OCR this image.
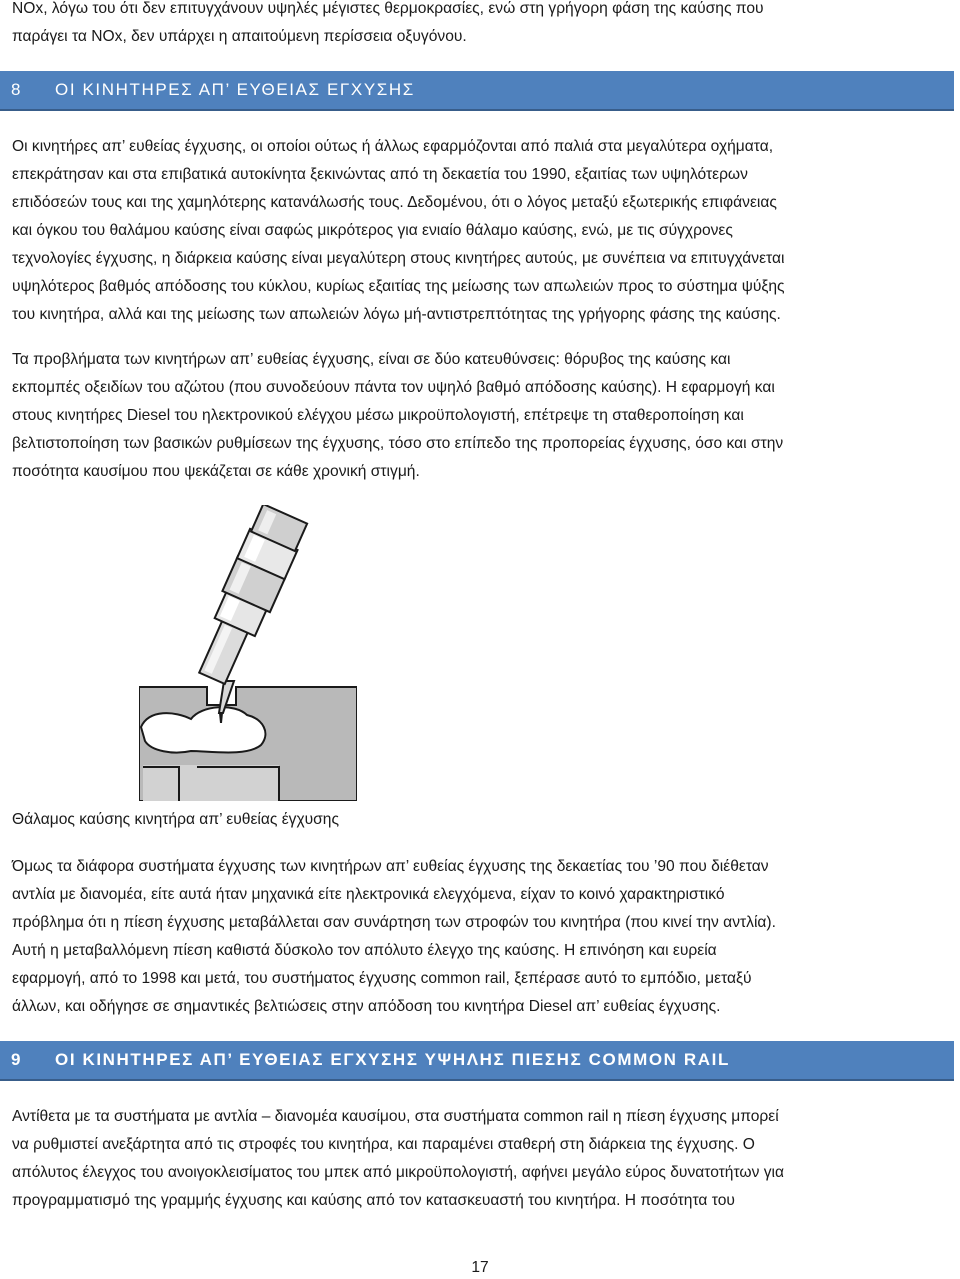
NOx, λόγω του ότι δεν επιτυγχάνουν υψηλές μέγιστες θερμοκρασίες, ενώ στη γρήγορη φάση της καύσης που
παράγει τα NOx, δεν υπάρχει η απαιτούμενη περίσσεια οξυγόνου.
8	ΟΙ ΚΙΝΗΤΗΡΕΣ ΑΠ’ ΕΥΘΕΙΑΣ ΕΓΧΥΣΗΣ
Οι κινητήρες απ’ ευθείας έγχυσης, οι οποίοι ούτως ή άλλως εφαρμόζονται από παλιά στα μεγαλύτερα οχήματα,
επεκράτησαν και στα επιβατικά αυτοκίνητα ξεκινώντας από τη δεκαετία του 1990, εξαιτίας των υψηλότερων
επιδόσεών τους και της χαμηλότερης κατανάλωσής τους. Δεδομένου, ότι ο λόγος μεταξύ εξωτερικής επιφάνειας
και όγκου του θαλάμου καύσης είναι σαφώς μικρότερος για ενιαίο θάλαμο καύσης, ενώ, με τις σύγχρονες
τεχνολογίες έγχυσης, η διάρκεια καύσης είναι μεγαλύτερη στους κινητήρες αυτούς, με συνέπεια να επιτυγχάνεται
υψηλότερος βαθμός απόδοσης του κύκλου, κυρίως εξαιτίας της μείωσης των απωλειών προς το σύστημα ψύξης
του κινητήρα, αλλά και της μείωσης των απωλειών λόγω μή-αντιστρεπτότητας της γρήγορης φάσης της καύσης.
Τα προβλήματα των κινητήρων απ’ ευθείας έγχυσης, είναι σε δύο κατευθύνσεις: θόρυβος της καύσης και
εκπομπές οξειδίων του αζώτου (που συνοδεύουν πάντα τον υψηλό βαθμό απόδοσης καύσης). Η εφαρμογή και
στους κινητήρες Diesel του ηλεκτρονικού ελέγχου μέσω μικροϋπολογιστή, επέτρεψε τη σταθεροποίηση και
βελτιστοποίηση των βασικών ρυθμίσεων της έγχυσης, τόσο στο επίπεδο της προπορείας έγχυσης, όσο και στην
ποσότητα καυσίμου που ψεκάζεται σε κάθε χρονική στιγμή.

Θάλαμος καύσης κινητήρα απ’ ευθείας έγχυσης

Όμως τα διάφορα συστήματα έγχυσης των κινητήρων απ’ ευθείας έγχυσης της δεκαετίας του ’90 που διέθεταν
αντλία με διανομέα, είτε αυτά ήταν μηχανικά είτε ηλεκτρονικά ελεγχόμενα, είχαν το κοινό χαρακτηριστικό
πρόβλημα ότι η πίεση έγχυσης μεταβάλλεται σαν συνάρτηση των στροφών του κινητήρα (που κινεί την αντλία).
Αυτή η μεταβαλλόμενη πίεση καθιστά δύσκολο τον απόλυτο έλεγχο της καύσης. Η επινόηση και ευρεία
εφαρμογή, από το 1998 και μετά, του συστήματος έγχυσης common rail, ξεπέρασε αυτό το εμπόδιο, μεταξύ
άλλων, και οδήγησε σε σημαντικές βελτιώσεις στην απόδοση του κινητήρα Diesel απ’ ευθείας έγχυσης.
9	ΟΙ ΚΙΝΗΤΗΡΕΣ ΑΠ’ ΕΥΘΕΙΑΣ ΕΓΧΥΣΗΣ ΥΨΗΛΗΣ ΠΙΕΣΗΣ COMMON RAIL
Αντίθετα με τα συστήματα με αντλία – διανομέα καυσίμου, στα συστήματα common rail η πίεση έγχυσης μπορεί
να ρυθμιστεί ανεξάρτητα από τις στροφές του κινητήρα, και παραμένει σταθερή στη διάρκεια της έγχυσης. Ο
απόλυτος έλεγχος του ανοιγοκλεισίματος του μπεκ από μικροϋπολογιστή, αφήνει μεγάλο εύρος δυνατοτήτων για
προγραμματισμό της γραμμής έγχυσης και καύσης από τον κατασκευαστή του κινητήρα. Η ποσότητα του
17
